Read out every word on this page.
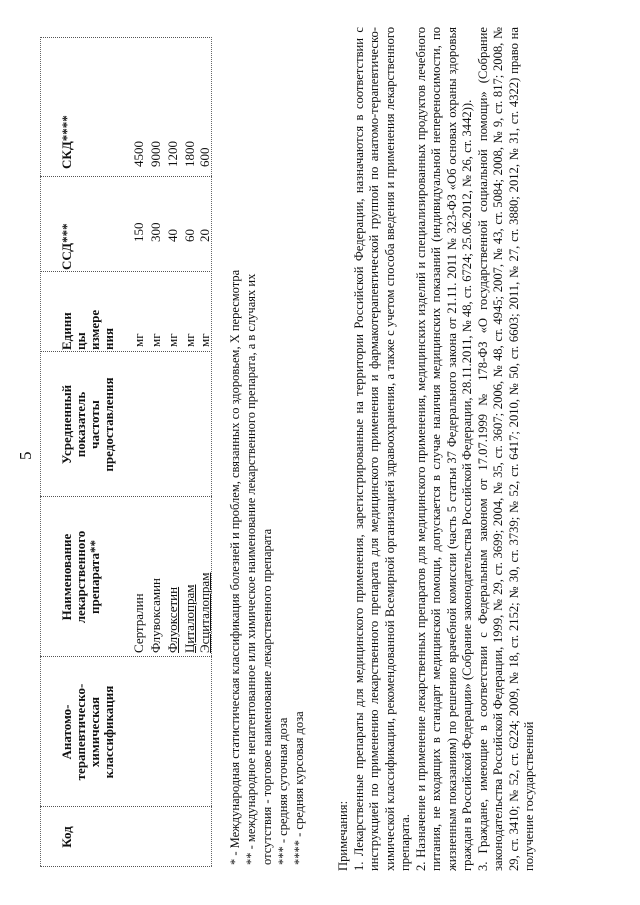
5
Код
Анатомо-
терапевтическо-
химическая
классификация
Наименование
лекарственного
препарата**
Усредненный
показатель
частоты
предоставления
Едини
цы
измере
ния
ССД***
СКД****
Сертралин
мг
150
4500
Флувоксамин
мг
300
9000
Флуоксетин
мг
40
1200
Циталопрам
мг
60
1800
Эсциталопрам
мг
20
600
* - Международная статистическая классификация болезней и проблем, связанных со здоровьем, X пересмотра ** - международное непатентованное или химическое наименование лекарственного препарата, а в случаях их отсутствия - торговое наименование лекарственного препарата *** - средняя суточная доза **** - средняя курсовая доза Примечания: 1. Лекарственные препараты для медицинского применения, зарегистрированные на территории Российской Федерации, назначаются в соответствии с инструкцией по применению лекарственного препарата для медицинского применения и фармакотерапевтической группой по анатомо-терапевтическо-химической классификации, рекомендованной Всемирной организацией здравоохранения, а также с учетом способа введения и применения лекарственного препарата. 2. Назначение и применение лекарственных препаратов для медицинского применения, медицинских изделий и специализированных продуктов лечебного питания, не входящих в стандарт медицинской помощи, допускается в случае наличия медицинских показаний (индивидуальной непереносимости, по жизненным показаниям) по решению врачебной комиссии (часть 5 статьи 37 Федерального закона от 21.11. 2011 № 323-ФЗ «Об основах охраны здоровья граждан в Российской Федерации» (Собрание законодательства Российской Федерации, 28.11.2011, № 48, ст. 6724; 25.06.2012, № 26, ст. 3442)). 3. Граждане, имеющие в соответствии с Федеральным законом от 17.07.1999 № 178-ФЗ «О государственной социальной помощи» (Собрание законодательства Российской Федерации, 1999, № 29, ст. 3699; 2004, № 35, ст. 3607; 2006, № 48, ст. 4945; 2007, № 43, ст. 5084; 2008, № 9, ст. 817; 2008, № 29, ст. 3410; № 52, ст. 6224; 2009, № 18, ст. 2152; № 30, ст. 3739; № 52, ст. 6417; 2010, № 50, ст. 6603; 2011, № 27, ст. 3880; 2012, № 31, ст. 4322) право на получение государственной
